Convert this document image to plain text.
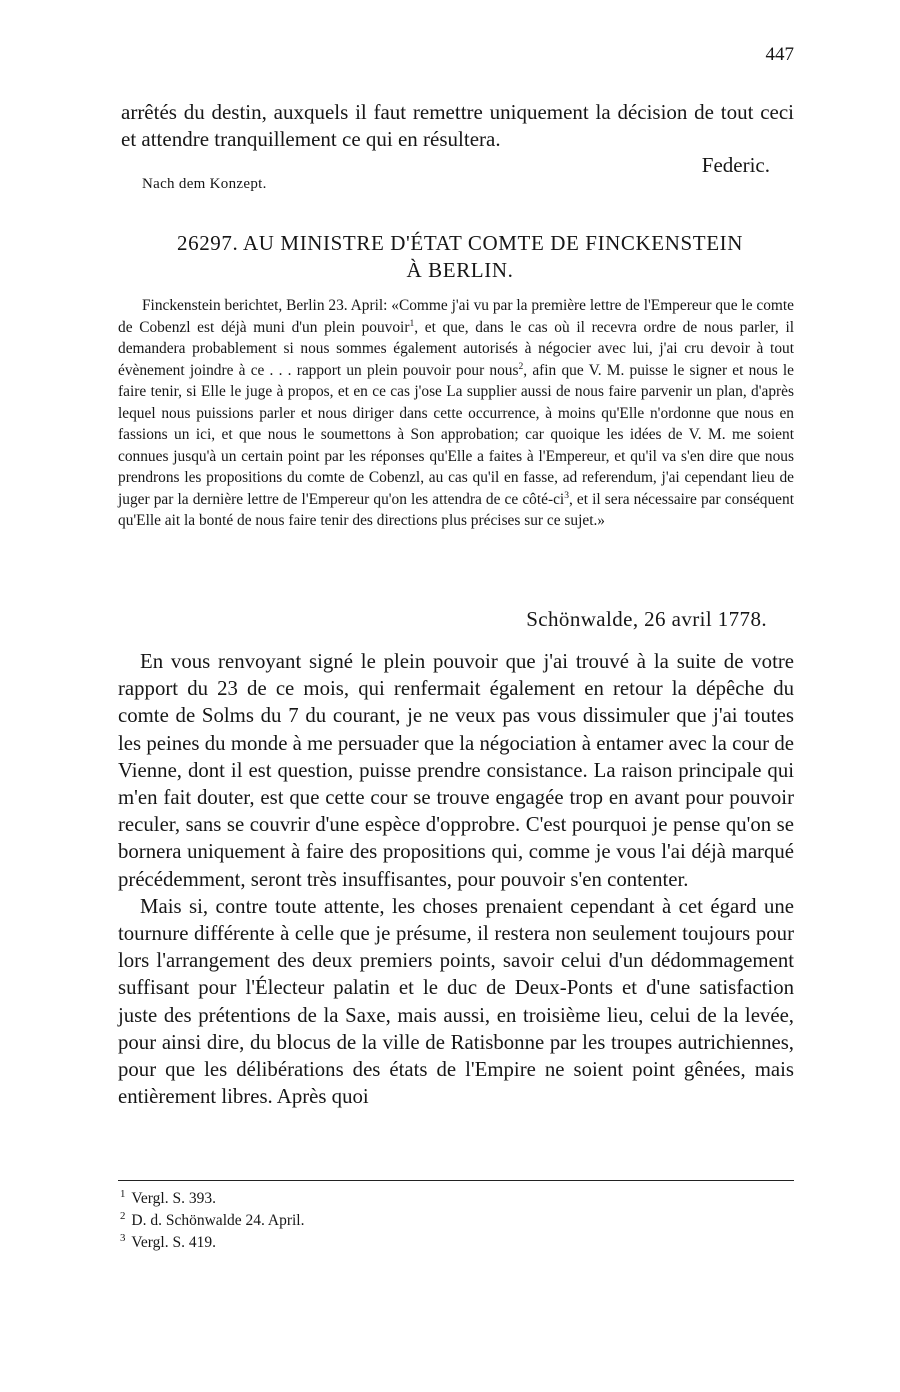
447
arrêtés du destin, auxquels il faut remettre uniquement la décision de tout ceci et attendre tranquillement ce qui en résultera.
Federic.
Nach dem Konzept.
26297. AU MINISTRE D'ÉTAT COMTE DE FINCKENSTEIN
À BERLIN.

Finckenstein berichtet, Berlin 23. April: «Comme j'ai vu par la première lettre de l'Empereur que le comte de Cobenzl est déjà muni d'un plein pouvoir$^1$, et que, dans le cas où il recevra ordre de nous parler, il demandera probablement si nous sommes également autorisés à négocier avec lui, j'ai cru devoir à tout évènement joindre à ce . . . rapport un plein pouvoir pour nous$^2$, afin que V. M. puisse le signer et nous le faire tenir, si Elle le juge à propos, et en ce cas j'ose La supplier aussi de nous faire parvenir un plan, d'après lequel nous puissions parler et nous diriger dans cette occurrence, à moins qu'Elle n'ordonne que nous en fassions un ici, et que nous le soumettons à Son approbation; car quoique les idées de V. M. me soient connues jusqu'à un certain point par les réponses qu'Elle a faites à l'Empereur, et qu'il va s'en dire que nous prendrons les propositions du comte de Cobenzl, au cas qu'il en fasse, ad referendum, j'ai cependant lieu de juger par la dernière lettre de l'Empereur qu'on les attendra de ce côté-$ci^3$, et il sera nécessaire par conséquent qu'Elle ait la bonté de nous faire tenir des directions plus précises sur ce sujet.»

Schönwalde, 26 avril 1778.

En vous renvoyant signé le plein pouvoir que j'ai trouvé à la suite de votre rapport du 23 de ce mois, qui renfermait également en retour la dépêche du comte de Solms du 7 du courant, je ne veux pas vous dissimuler que j'ai toutes les peines du monde à me persuader que la négociation à entamer avec la cour de Vienne, dont il est question, puisse prendre consistance. La raison principale qui m'en fait douter, est que cette cour se trouve engagée trop en avant pour pouvoir reculer, sans se couvrir d'une espèce d'opprobre. C'est pourquoi je pense qu'on se bornera uniquement à faire des propositions qui, comme je vous l'ai déjà marqué précédemment, seront très insuffisantes, pour pouvoir s'en contenter.

Mais si, contre toute attente, les choses prenaient cependant à cet égard une tournure différente à celle que je présume, il restera non seulement toujours pour lors l'arrangement des deux premiers points, savoir celui d'un dédommagement suffisant pour l'Électeur palatin et le duc de Deux-Ponts et d'une satisfaction juste des prétentions de la Saxe, mais aussi, en troisième lieu, celui de la levée, pour ainsi dire, du blocus de la ville de Ratisbonne par les troupes autrichiennes, pour que les délibérations des états de l'Empire ne soient point gênées, mais entièrement libres. Après quoi

$^1$ Vergl. S. 393.
$^2$ D. d. Schönwalde 24. April.
$^3$ Vergl. S. 419.
